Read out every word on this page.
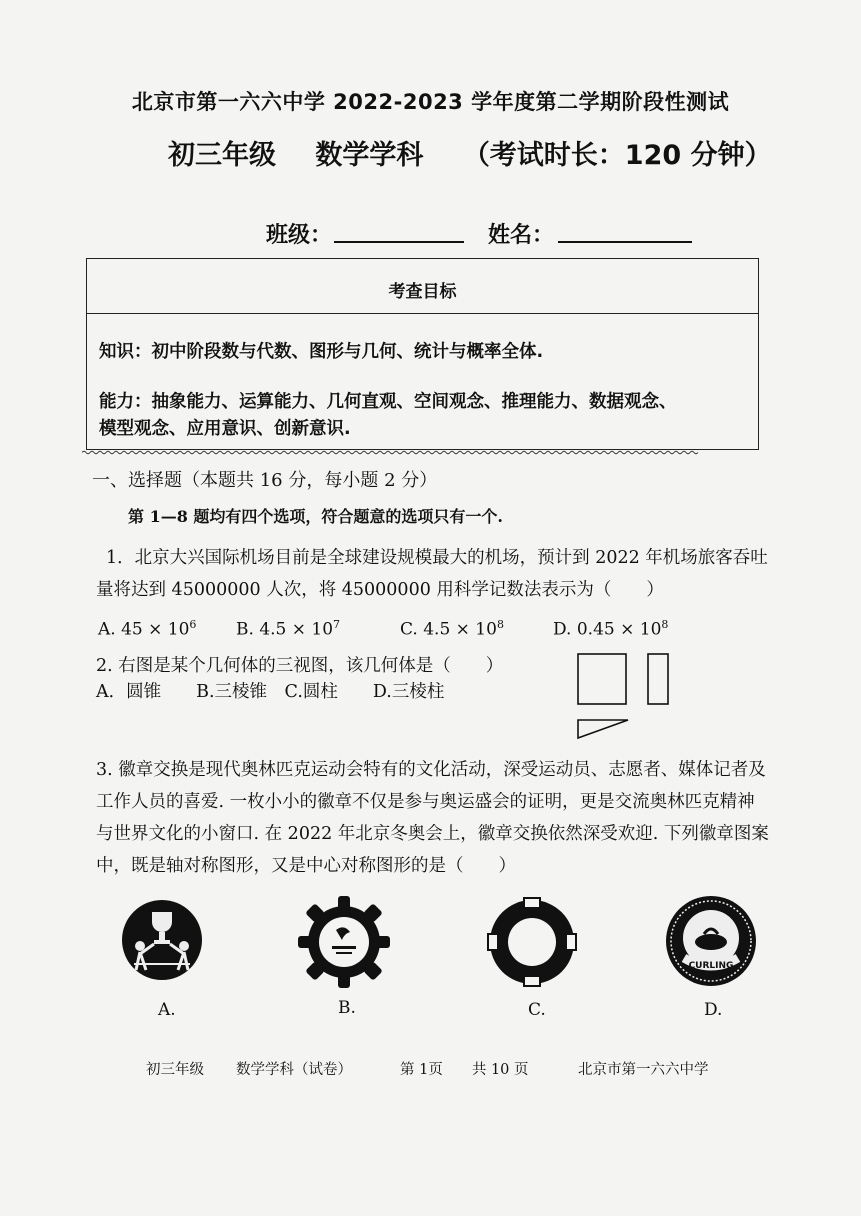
北京市第一六六中学 2022-2023 学年度第二学期阶段性测试
初三年级 数学学科 （考试时长：120 分钟）
班级：	姓名：
考查目标
知识：初中阶段数与代数、图形与几何、统计与概率全体.
能力：抽象能力、运算能力、几何直观、空间观念、推理能力、数据观念、
模型观念、应用意识、创新意识.
一、选择题（本题共 16 分，每小题 2 分）
第 1—8 题均有四个选项，符合题意的选项只有一个.
1．北京大兴国际机场目前是全球建设规模最大的机场，预计到 2022 年机场旅客吞吐
量将达到 45000000 人次，将 45000000 用科学记数法表示为（　　）
A. $45 \times 10^6$ B. $4.5 \times 10^7$	C. $4.5 \times 10^8$	D. $0.45 \times 10^8$
2. 右图是某个几何体的三视图，该几何体是（　　）
A．圆锥　　B.三棱锥　C.圆柱　　D.三棱柱
3. 徽章交换是现代奥林匹克运动会特有的文化活动，深受运动员、志愿者、媒体记者及
工作人员的喜爱. 一枚小小的徽章不仅是参与奥运盛会的证明，更是交流奥林匹克精神
与世界文化的小窗口. 在 2022 年北京冬奥会上，徽章交换依然深受欢迎. 下列徽章图案
中，既是轴对称图形，又是中心对称图形的是（　　）
A.	B.	C.
CURLING
D.
初三年级 数学学科（试卷）	第 1页　　共 10 页	北京市第一六六中学
